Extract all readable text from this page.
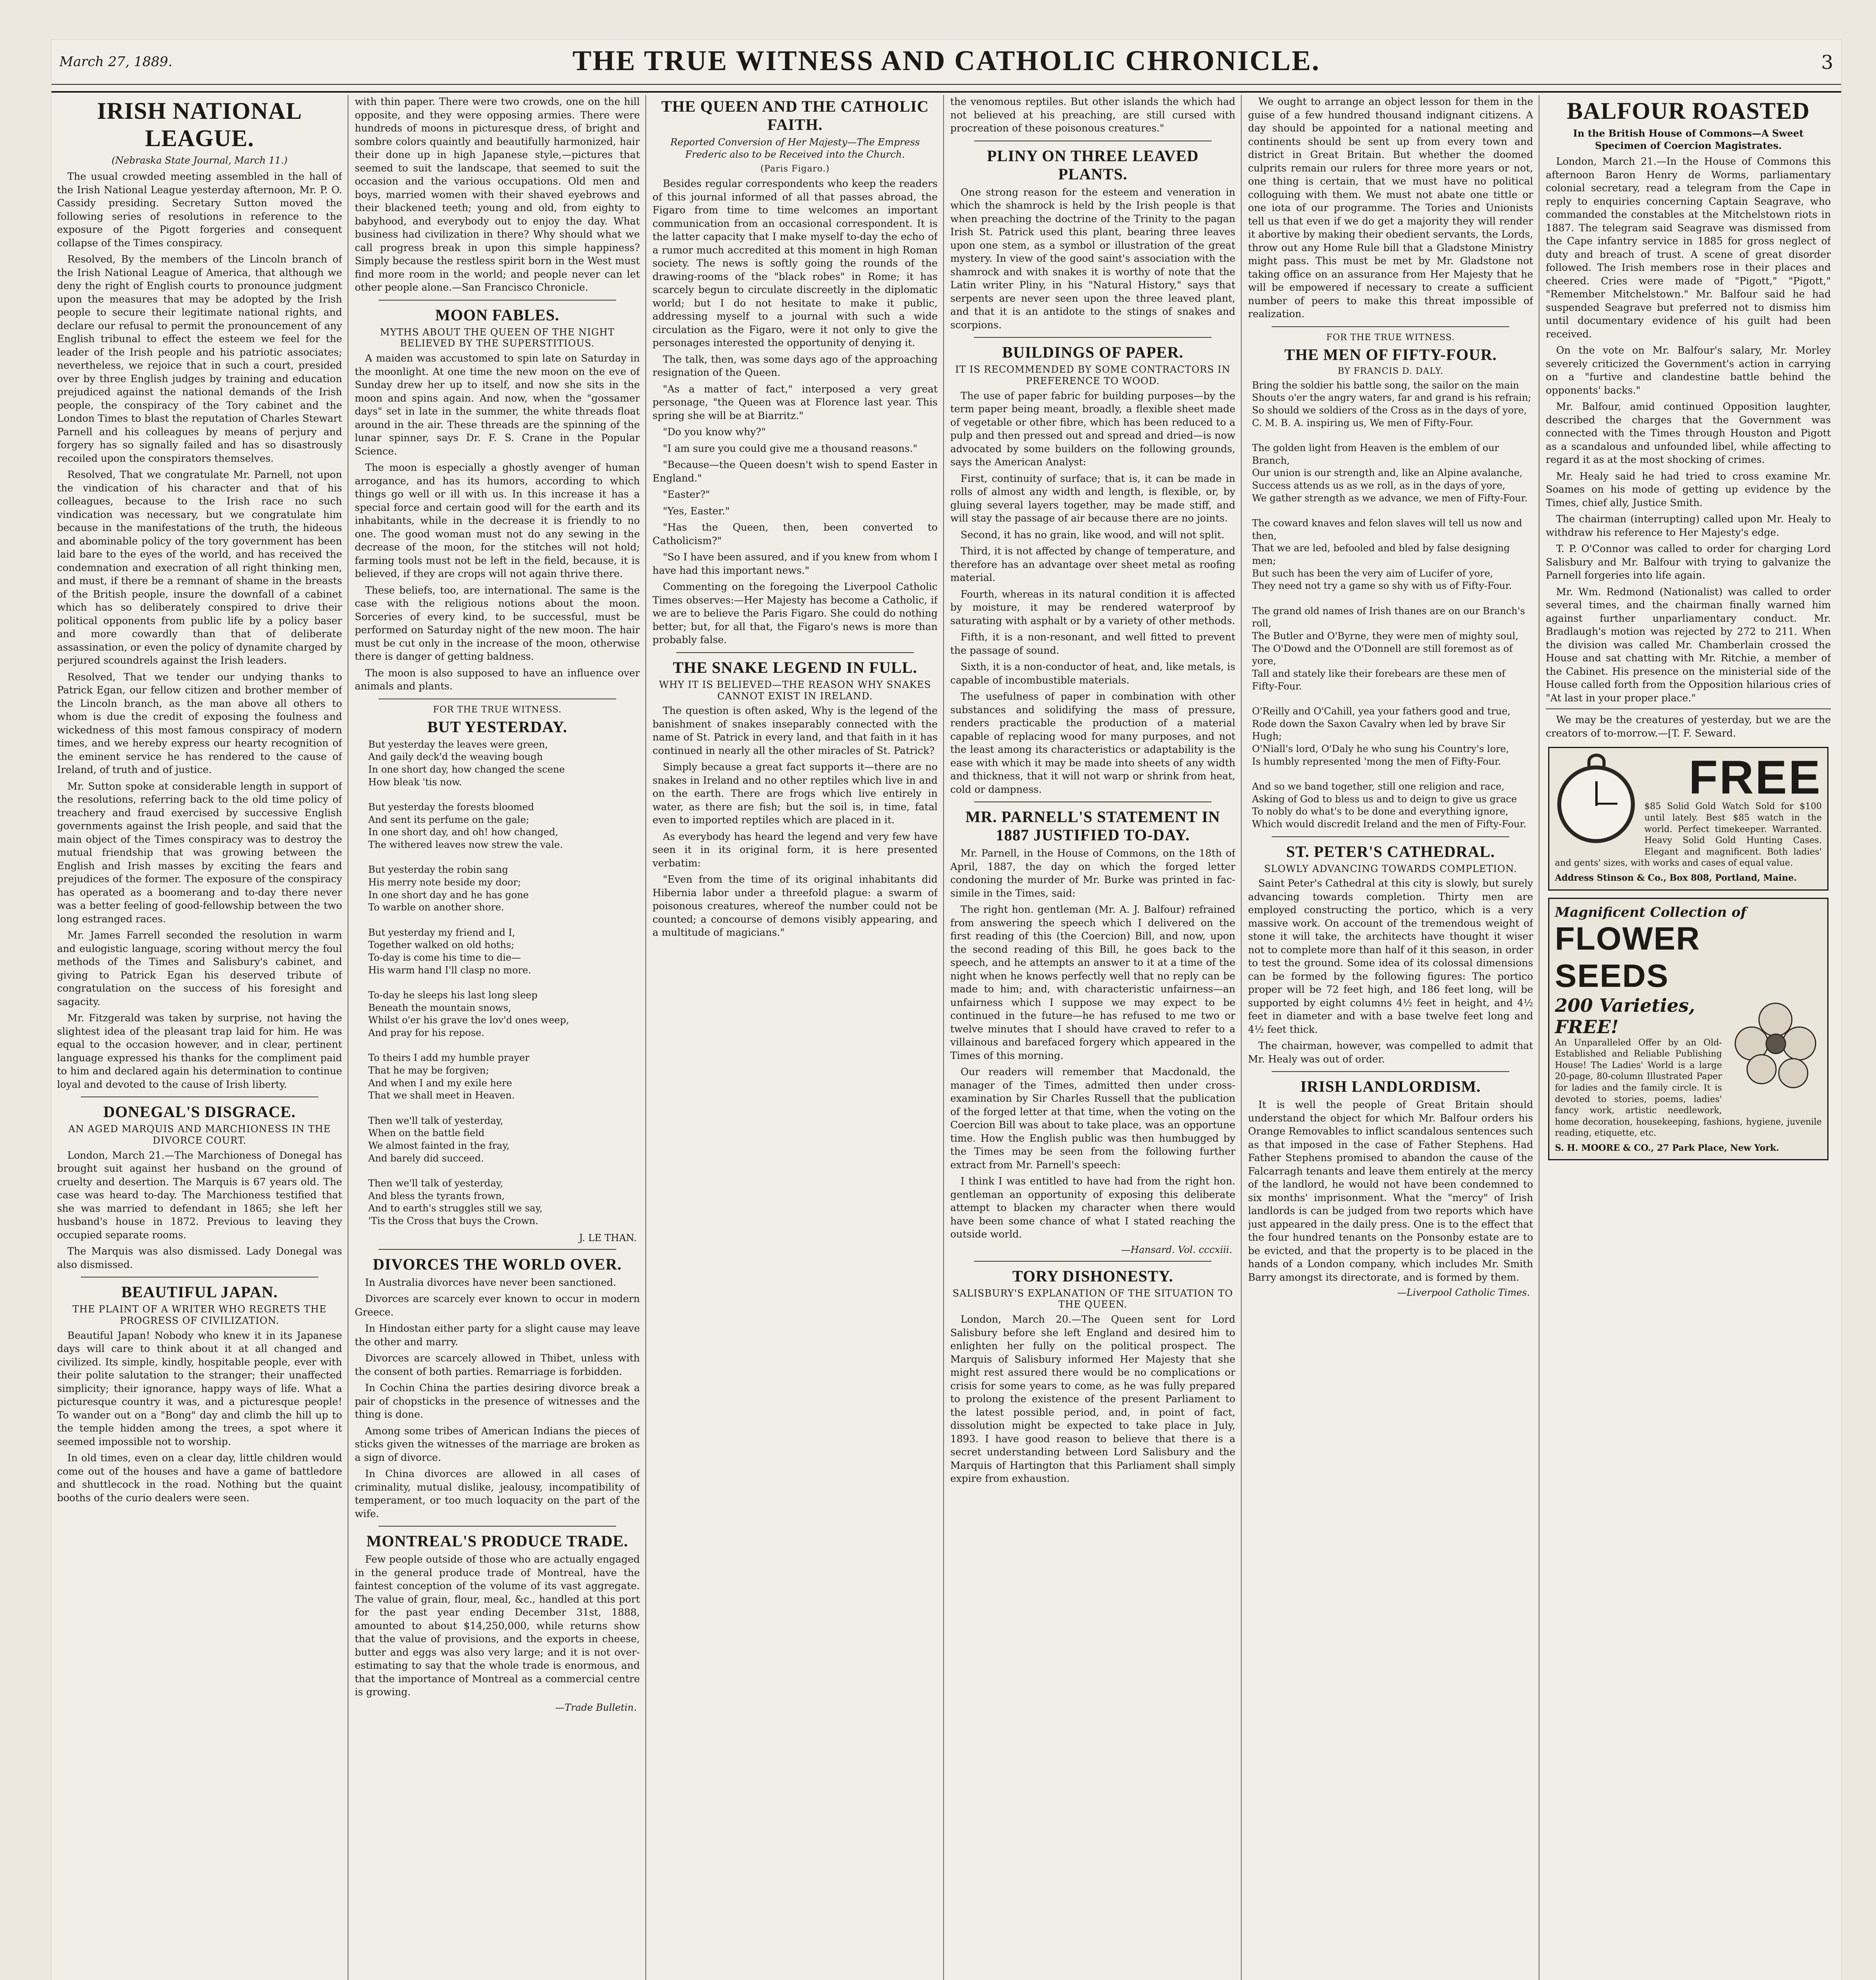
March 27, 1889.	THE TRUE WITNESS AND CATHOLIC CHRONICLE.	3
IRISH NATIONAL LEAGUE.
(Nebraska State Journal, March 11.)

The usual crowded meeting assembled in the hall of the Irish National League yesterday afternoon, Mr. P. O. Cassidy presiding. Secretary Sutton moved the following series of resolutions in reference to the exposure of the Pigott forgeries and consequent collapse of the Times conspiracy.

Resolved, By the members of the Lincoln branch of the Irish National League of America, that although we deny the right of English courts to pronounce judgment upon the measures that may be adopted by the Irish people to secure their legitimate national rights, and declare our refusal to permit the pronouncement of any English tribunal to effect the esteem we feel for the leader of the Irish people and his patriotic associates; nevertheless, we rejoice that in such a court, presided over by three English judges by training and education prejudiced against the national demands of the Irish people, the conspiracy of the Tory cabinet and the London Times to blast the reputation of Charles Stewart Parnell and his colleagues by means of perjury and forgery has so signally failed and has so disastrously recoiled upon the conspirators themselves.

Resolved, That we congratulate Mr. Parnell, not upon the vindication of his character and that of his colleagues, because to the Irish race no such vindication was necessary, but we congratulate him because in the manifestations of the truth, the hideous and abominable policy of the tory government has been laid bare to the eyes of the world, and has received the condemnation and execration of all right thinking men, and must, if there be a remnant of shame in the breasts of the British people, insure the downfall of a cabinet which has so deliberately conspired to drive their political opponents from public life by a policy baser and more cowardly than that of deliberate assassination, or even the policy of dynamite charged by perjured scoundrels against the Irish leaders.

Resolved, That we tender our undying thanks to Patrick Egan, our fellow citizen and brother member of the Lincoln branch, as the man above all others to whom is due the credit of exposing the foulness and wickedness of this most famous conspiracy of modern times, and we hereby express our hearty recognition of the eminent service he has rendered to the cause of Ireland, of truth and of justice.

Mr. Sutton spoke at considerable length in support of the resolutions, referring back to the old time policy of treachery and fraud exercised by successive English governments against the Irish people, and said that the main object of the Times conspiracy was to destroy the mutual friendship that was growing between the English and Irish masses by exciting the fears and prejudices of the former. The exposure of the conspiracy has operated as a boomerang and to-day there never was a better feeling of good-fellowship between the two long estranged races.

Mr. James Farrell seconded the resolution in warm and eulogistic language, scoring without mercy the foul methods of the Times and Salisbury's cabinet, and giving to Patrick Egan his deserved tribute of congratulation on the success of his foresight and sagacity.

Mr. Fitzgerald was taken by surprise, not having the slightest idea of the pleasant trap laid for him. He was equal to the occasion however, and in clear, pertinent language expressed his thanks for the compliment paid to him and declared again his determination to continue loyal and devoted to the cause of Irish liberty.

DONEGAL'S DISGRACE.
AN AGED MARQUIS AND MARCHIONESS IN THE DIVORCE COURT.

London, March 21.—The Marchioness of Donegal has brought suit against her husband on the ground of cruelty and desertion. The Marquis is 67 years old. The case was heard to-day. The Marchioness testified that she was married to defendant in 1865; she left her husband's house in 1872. Previous to leaving they occupied separate rooms.

The Marquis was also dismissed. Lady Donegal was also dismissed.

BEAUTIFUL JAPAN.
THE PLAINT OF A WRITER WHO REGRETS THE PROGRESS OF CIVILIZATION.

Beautiful Japan! Nobody who knew it in its Japanese days will care to think about it at all changed and civilized. Its simple, kindly, hospitable people, ever with their polite salutation to the stranger; their unaffected simplicity; their ignorance, happy ways of life. What a picturesque country it was, and a picturesque people! To wander out on a "Bong" day and climb the hill up to the temple hidden among the trees, a spot where it seemed impossible not to worship.

In old times, even on a clear day, little children would come out of the houses and have a game of battledore and shuttlecock in the road. Nothing but the quaint booths of the curio dealers were seen.

with thin paper. There were two crowds, one on the hill opposite, and they were opposing armies. There were hundreds of moons in picturesque dress, of bright and sombre colors quaintly and beautifully harmonized, hair their done up in high Japanese style,—pictures that seemed to suit the landscape, that seemed to suit the occasion and the various occupations. Old men and boys, married women with their shaved eyebrows and their blackened teeth; young and old, from eighty to babyhood, and everybody out to enjoy the day. What business had civilization in there? Why should what we call progress break in upon this simple happiness? Simply because the restless spirit born in the West must find more room in the world; and people never can let other people alone.—San Francisco Chronicle.

MOON FABLES.
MYTHS ABOUT THE QUEEN OF THE NIGHT BELIEVED BY THE SUPERSTITIOUS.

A maiden was accustomed to spin late on Saturday in the moonlight. At one time the new moon on the eve of Sunday drew her up to itself, and now she sits in the moon and spins again. And now, when the "gossamer days" set in late in the summer, the white threads float around in the air. These threads are the spinning of the lunar spinner, says Dr. F. S. Crane in the Popular Science.

The moon is especially a ghostly avenger of human arrogance, and has its humors, according to which things go well or ill with us. In this increase it has a special force and certain good will for the earth and its inhabitants, while in the decrease it is friendly to no one. The good woman must not do any sewing in the decrease of the moon, for the stitches will not hold; farming tools must not be left in the field, because, it is believed, if they are crops will not again thrive there.

These beliefs, too, are international. The same is the case with the religious notions about the moon. Sorceries of every kind, to be successful, must be performed on Saturday night of the new moon. The hair must be cut only in the increase of the moon, otherwise there is danger of getting baldness.

The moon is also supposed to have an influence over animals and plants.

FOR THE TRUE WITNESS.
BUT YESTERDAY.
But yesterday the leaves were green,
And gaily deck'd the weaving bough
In one short day, how changed the scene
How bleak 'tis now.

But yesterday the forests bloomed
And sent its perfume on the gale;
In one short day, and oh! how changed,
The withered leaves now strew the vale.

But yesterday the robin sang
His merry note beside my door;
In one short day and he has gone
To warble on another shore.

But yesterday my friend and I,
Together walked on old hoths;
To-day is come his time to die—
His warm hand I'll clasp no more.

To-day he sleeps his last long sleep
Beneath the mountain snows,
Whilst o'er his grave the lov'd ones weep,
And pray for his repose.

To theirs I add my humble prayer
That he may be forgiven;
And when I and my exile here
That we shall meet in Heaven.

Then we'll talk of yesterday,
When on the battle field
We almost fainted in the fray,
And barely did succeed.

Then we'll talk of yesterday,
And bless the tyrants frown,
And to earth's struggles still we say,
'Tis the Cross that buys the Crown.
J. LE THAN.
DIVORCES THE WORLD OVER.

In Australia divorces have never been sanctioned.

Divorces are scarcely ever known to occur in modern Greece.

In Hindostan either party for a slight cause may leave the other and marry.

Divorces are scarcely allowed in Thibet, unless with the consent of both parties. Remarriage is forbidden.

In Cochin China the parties desiring divorce break a pair of chopsticks in the presence of witnesses and the thing is done.

Among some tribes of American Indians the pieces of sticks given the witnesses of the marriage are broken as a sign of divorce.

In China divorces are allowed in all cases of criminality, mutual dislike, jealousy, incompatibility of temperament, or too much loquacity on the part of the wife.

MONTREAL'S PRODUCE TRADE.

Few people outside of those who are actually engaged in the general produce trade of Montreal, have the faintest conception of the volume of its vast aggregate. The value of grain, flour, meal, &c., handled at this port for the past year ending December 31st, 1888, amounted to about $14,250,000, while returns show that the value of provisions, and the exports in cheese, butter and eggs was also very large; and it is not over-estimating to say that the whole trade is enormous, and that the importance of Montreal as a commercial centre is growing.

—Trade Bulletin.
THE QUEEN AND THE CATHOLIC FAITH.
Reported Conversion of Her Majesty—The Empress Frederic also to be Received into the Church.
(Paris Figaro.)

Besides regular correspondents who keep the readers of this journal informed of all that passes abroad, the Figaro from time to time welcomes an important communication from an occasional correspondent. It is the latter capacity that I make myself to-day the echo of a rumor much accredited at this moment in high Roman society. The news is softly going the rounds of the drawing-rooms of the "black robes" in Rome; it has scarcely begun to circulate discreetly in the diplomatic world; but I do not hesitate to make it public, addressing myself to a journal with such a wide circulation as the Figaro, were it not only to give the personages interested the opportunity of denying it.

The talk, then, was some days ago of the approaching resignation of the Queen.

"As a matter of fact," interposed a very great personage, "the Queen was at Florence last year. This spring she will be at Biarritz."

"Do you know why?"

"I am sure you could give me a thousand reasons."

"Because—the Queen doesn't wish to spend Easter in England."

"Easter?"

"Yes, Easter."

"Has the Queen, then, been converted to Catholicism?"

"So I have been assured, and if you knew from whom I have had this important news."

Commenting on the foregoing the Liverpool Catholic Times observes:—Her Majesty has become a Catholic, if we are to believe the Paris Figaro. She could do nothing better; but, for all that, the Figaro's news is more than probably false.

THE SNAKE LEGEND IN FULL.
WHY IT IS BELIEVED—THE REASON WHY SNAKES CANNOT EXIST IN IRELAND.

The question is often asked, Why is the legend of the banishment of snakes inseparably connected with the name of St. Patrick in every land, and that faith in it has continued in nearly all the other miracles of St. Patrick?

Simply because a great fact supports it—there are no snakes in Ireland and no other reptiles which live in and on the earth. There are frogs which live entirely in water, as there are fish; but the soil is, in time, fatal even to imported reptiles which are placed in it.

As everybody has heard the legend and very few have seen it in its original form, it is here presented verbatim:

"Even from the time of its original inhabitants did Hibernia labor under a threefold plague: a swarm of poisonous creatures, whereof the number could not be counted; a concourse of demons visibly appearing, and a multitude of magicians."

the venomous reptiles. But other islands the which had not believed at his preaching, are still cursed with procreation of these poisonous creatures."

PLINY ON THREE LEAVED PLANTS.

One strong reason for the esteem and veneration in which the shamrock is held by the Irish people is that when preaching the doctrine of the Trinity to the pagan Irish St. Patrick used this plant, bearing three leaves upon one stem, as a symbol or illustration of the great mystery. In view of the good saint's association with the shamrock and with snakes it is worthy of note that the Latin writer Pliny, in his "Natural History," says that serpents are never seen upon the three leaved plant, and that it is an antidote to the stings of snakes and scorpions.

BUILDINGS OF PAPER.
IT IS RECOMMENDED BY SOME CONTRACTORS IN PREFERENCE TO WOOD.

The use of paper fabric for building purposes—by the term paper being meant, broadly, a flexible sheet made of vegetable or other fibre, which has been reduced to a pulp and then pressed out and spread and dried—is now advocated by some builders on the following grounds, says the American Analyst:

First, continuity of surface; that is, it can be made in rolls of almost any width and length, is flexible, or, by gluing several layers together, may be made stiff, and will stay the passage of air because there are no joints.

Second, it has no grain, like wood, and will not split.

Third, it is not affected by change of temperature, and therefore has an advantage over sheet metal as roofing material.

Fourth, whereas in its natural condition it is affected by moisture, it may be rendered waterproof by saturating with asphalt or by a variety of other methods.

Fifth, it is a non-resonant, and well fitted to prevent the passage of sound.

Sixth, it is a non-conductor of heat, and, like metals, is capable of incombustible materials.

The usefulness of paper in combination with other substances and solidifying the mass of pressure, renders practicable the production of a material capable of replacing wood for many purposes, and not the least among its characteristics or adaptability is the ease with which it may be made into sheets of any width and thickness, that it will not warp or shrink from heat, cold or dampness.

MR. PARNELL'S STATEMENT IN 1887 JUSTIFIED TO-DAY.

Mr. Parnell, in the House of Commons, on the 18th of April, 1887, the day on which the forged letter condoning the murder of Mr. Burke was printed in fac-simile in the Times, said:

The right hon. gentleman (Mr. A. J. Balfour) refrained from answering the speech which I delivered on the first reading of this (the Coercion) Bill, and now, upon the second reading of this Bill, he goes back to the speech, and he attempts an answer to it at a time of the night when he knows perfectly well that no reply can be made to him; and, with characteristic unfairness—an unfairness which I suppose we may expect to be continued in the future—he has refused to me two or twelve minutes that I should have craved to refer to a villainous and barefaced forgery which appeared in the Times of this morning.

Our readers will remember that Macdonald, the manager of the Times, admitted then under cross-examination by Sir Charles Russell that the publication of the forged letter at that time, when the voting on the Coercion Bill was about to take place, was an opportune time. How the English public was then humbugged by the Times may be seen from the following further extract from Mr. Parnell's speech:

I think I was entitled to have had from the right hon. gentleman an opportunity of exposing this deliberate attempt to blacken my character when there would have been some chance of what I stated reaching the outside world.

—Hansard. Vol. cccxiii.
TORY DISHONESTY.
SALISBURY'S EXPLANATION OF THE SITUATION TO THE QUEEN.

London, March 20.—The Queen sent for Lord Salisbury before she left England and desired him to enlighten her fully on the political prospect. The Marquis of Salisbury informed Her Majesty that she might rest assured there would be no complications or crisis for some years to come, as he was fully prepared to prolong the existence of the present Parliament to the latest possible period, and, in point of fact, dissolution might be expected to take place in July, 1893. I have good reason to believe that there is a secret understanding between Lord Salisbury and the Marquis of Hartington that this Parliament shall simply expire from exhaustion.

We ought to arrange an object lesson for them in the guise of a few hundred thousand indignant citizens. A day should be appointed for a national meeting and continents should be sent up from every town and district in Great Britain. But whether the doomed culprits remain our rulers for three more years or not, one thing is certain, that we must have no political colloguing with them. We must not abate one tittle or one iota of our programme. The Tories and Unionists tell us that even if we do get a majority they will render it abortive by making their obedient servants, the Lords, throw out any Home Rule bill that a Gladstone Ministry might pass. This must be met by Mr. Gladstone not taking office on an assurance from Her Majesty that he will be empowered if necessary to create a sufficient number of peers to make this threat impossible of realization.

FOR THE TRUE WITNESS.
THE MEN OF FIFTY-FOUR.
BY FRANCIS D. DALY.
Bring the soldier his battle song, the sailor on the main
Shouts o'er the angry waters, far and grand is his refrain;
So should we soldiers of the Cross as in the days of yore,
C. M. B. A. inspiring us, We men of Fifty-Four.

The golden light from Heaven is the emblem of our Branch,
Our union is our strength and, like an Alpine avalanche,
Success attends us as we roll, as in the days of yore,
We gather strength as we advance, we men of Fifty-Four.

The coward knaves and felon slaves will tell us now and then,
That we are led, befooled and bled by false designing men;
But such has been the very aim of Lucifer of yore,
They need not try a game so shy with us of Fifty-Four.

The grand old names of Irish thanes are on our Branch's roll,
The Butler and O'Byrne, they were men of mighty soul,
The O'Dowd and the O'Donnell are still foremost as of yore,
Tall and stately like their forebears are these men of Fifty-Four.

O'Reilly and O'Cahill, yea your fathers good and true,
Rode down the Saxon Cavalry when led by brave Sir Hugh;
O'Niall's lord, O'Daly he who sung his Country's lore,
Is humbly represented 'mong the men of Fifty-Four.

And so we band together, still one religion and race,
Asking of God to bless us and to deign to give us grace
To nobly do what's to be done and everything ignore,
Which would discredit Ireland and the men of Fifty-Four.
ST. PETER'S CATHEDRAL.
SLOWLY ADVANCING TOWARDS COMPLETION.

Saint Peter's Cathedral at this city is slowly, but surely advancing towards completion. Thirty men are employed constructing the portico, which is a very massive work. On account of the tremendous weight of stone it will take, the architects have thought it wiser not to complete more than half of it this season, in order to test the ground. Some idea of its colossal dimensions can be formed by the following figures: The portico proper will be 72 feet high, and 186 feet long, will be supported by eight columns 4½ feet in height, and 4½ feet in diameter and with a base twelve feet long and 4½ feet thick.

The chairman, however, was compelled to admit that Mr. Healy was out of order.

IRISH LANDLORDISM.

It is well the people of Great Britain should understand the object for which Mr. Balfour orders his Orange Removables to inflict scandalous sentences such as that imposed in the case of Father Stephens. Had Father Stephens promised to abandon the cause of the Falcarragh tenants and leave them entirely at the mercy of the landlord, he would not have been condemned to six months' imprisonment. What the "mercy" of Irish landlords is can be judged from two reports which have just appeared in the daily press. One is to the effect that the four hundred tenants on the Ponsonby estate are to be evicted, and that the property is to be placed in the hands of a London company, which includes Mr. Smith Barry amongst its directorate, and is formed by them.

—Liverpool Catholic Times.
BALFOUR ROASTED
In the British House of Commons—A Sweet Specimen of Coercion Magistrates.

London, March 21.—In the House of Commons this afternoon Baron Henry de Worms, parliamentary colonial secretary, read a telegram from the Cape in reply to enquiries concerning Captain Seagrave, who commanded the constables at the Mitchelstown riots in 1887. The telegram said Seagrave was dismissed from the Cape infantry service in 1885 for gross neglect of duty and breach of trust. A scene of great disorder followed. The Irish members rose in their places and cheered. Cries were made of "Pigott," "Pigott," "Remember Mitchelstown." Mr. Balfour said he had suspended Seagrave but preferred not to dismiss him until documentary evidence of his guilt had been received.

On the vote on Mr. Balfour's salary, Mr. Morley severely criticized the Government's action in carrying on a "furtive and clandestine battle behind the opponents' backs."

Mr. Balfour, amid continued Opposition laughter, described the charges that the Government was connected with the Times through Houston and Pigott as a scandalous and unfounded libel, while affecting to regard it as at the most shocking of crimes.

Mr. Healy said he had tried to cross examine Mr. Soames on his mode of getting up evidence by the Times, chief ally, Justice Smith.

The chairman (interrupting) called upon Mr. Healy to withdraw his reference to Her Majesty's edge.

T. P. O'Connor was called to order for charging Lord Salisbury and Mr. Balfour with trying to galvanize the Parnell forgeries into life again.

Mr. Wm. Redmond (Nationalist) was called to order several times, and the chairman finally warned him against further unparliamentary conduct. Mr. Bradlaugh's motion was rejected by 272 to 211. When the division was called Mr. Chamberlain crossed the House and sat chatting with Mr. Ritchie, a member of the Cabinet. His presence on the ministerial side of the House called forth from the Opposition hilarious cries of "At last in your proper place."

We may be the creatures of yesterday, but we are the creators of to-morrow.—[T. F. Seward.

FREE
$85 Solid Gold Watch Sold for $100 until lately. Best $85 watch in the world. Perfect timekeeper. Warranted. Heavy Solid Gold Hunting Cases. Elegant and magnificent. Both ladies' and gents' sizes, with works and cases of equal value.
Address Stinson & Co., Box 808, Portland, Maine.
Magnificent Collection of
FLOWER SEEDS
200 Varieties, FREE!
An Unparalleled Offer by an Old-Established and Reliable Publishing House! The Ladies' World is a large 20-page, 80-column Illustrated Paper for ladies and the family circle. It is devoted to stories, poems, ladies' fancy work, artistic needlework, home decoration, housekeeping, fashions, hygiene, juvenile reading, etiquette, etc.
S. H. MOORE & CO., 27 Park Place, New York.
